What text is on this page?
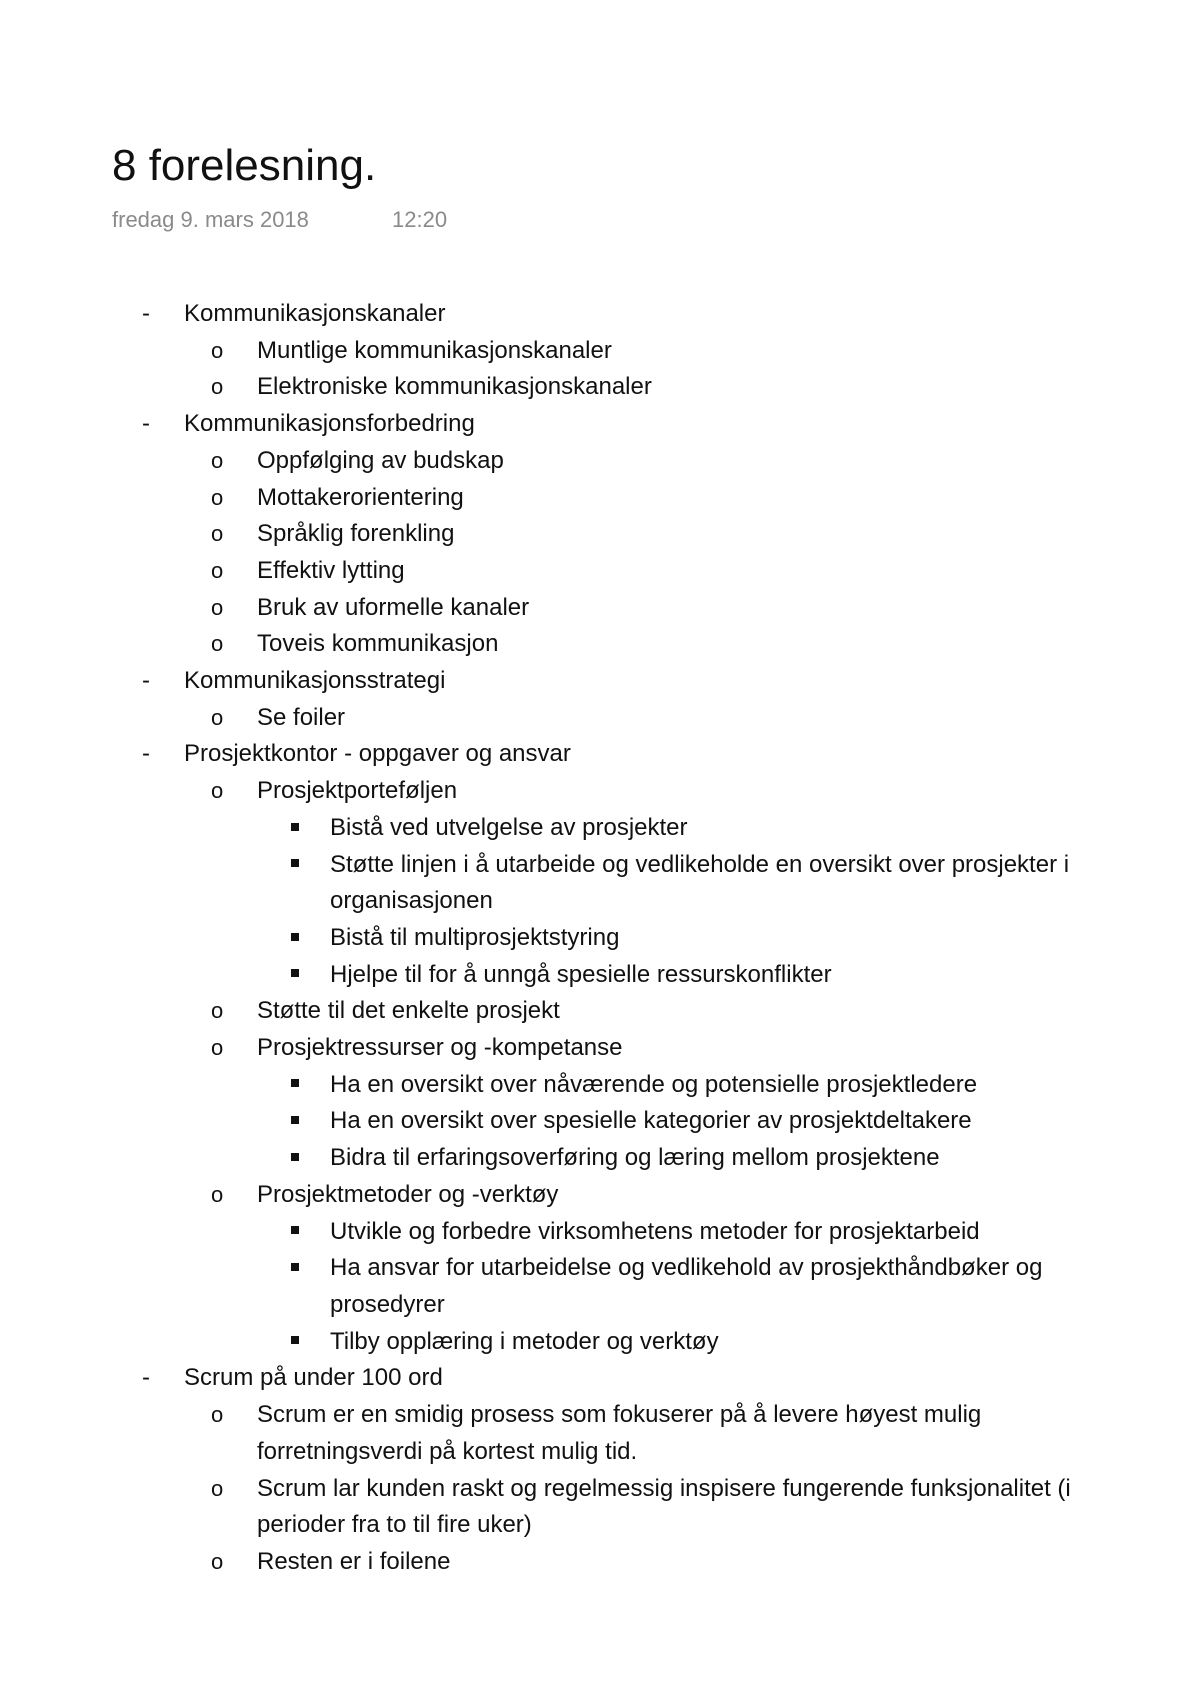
8 forelesning.
fredag 9. mars 2018	12:20
- Kommunikasjonskanaler
o Muntlige kommunikasjonskanaler
o Elektroniske kommunikasjonskanaler
- Kommunikasjonsforbedring
o Oppfølging av budskap
o Mottakerorientering
o Språklig forenkling
o Effektiv lytting
o Bruk av uformelle kanaler
o Toveis kommunikasjon
- Kommunikasjonsstrategi
o Se foiler
- Prosjektkontor - oppgaver og ansvar
o Prosjektporteføljen
Bistå ved utvelgelse av prosjekter
Støtte linjen i å utarbeide og vedlikeholde en oversikt over prosjekter i organisasjonen
Bistå til multiprosjektstyring
Hjelpe til for å unngå spesielle ressurskonflikter
o Støtte til det enkelte prosjekt
o Prosjektressurser og -kompetanse
Ha en oversikt over nåværende og potensielle prosjektledere
Ha en oversikt over spesielle kategorier av prosjektdeltakere
Bidra til erfaringsoverføring og læring mellom prosjektene
o Prosjektmetoder og -verktøy
Utvikle og forbedre virksomhetens metoder for prosjektarbeid
Ha ansvar for utarbeidelse og vedlikehold av prosjekthåndbøker og prosedyrer
Tilby opplæring i metoder og verktøy
- Scrum på under 100 ord
o Scrum er en smidig prosess som fokuserer på å levere høyest mulig forretningsverdi på kortest mulig tid.
o Scrum lar kunden raskt og regelmessig inspisere fungerende funksjonalitet (i perioder fra to til fire uker)
o Resten er i foilene
